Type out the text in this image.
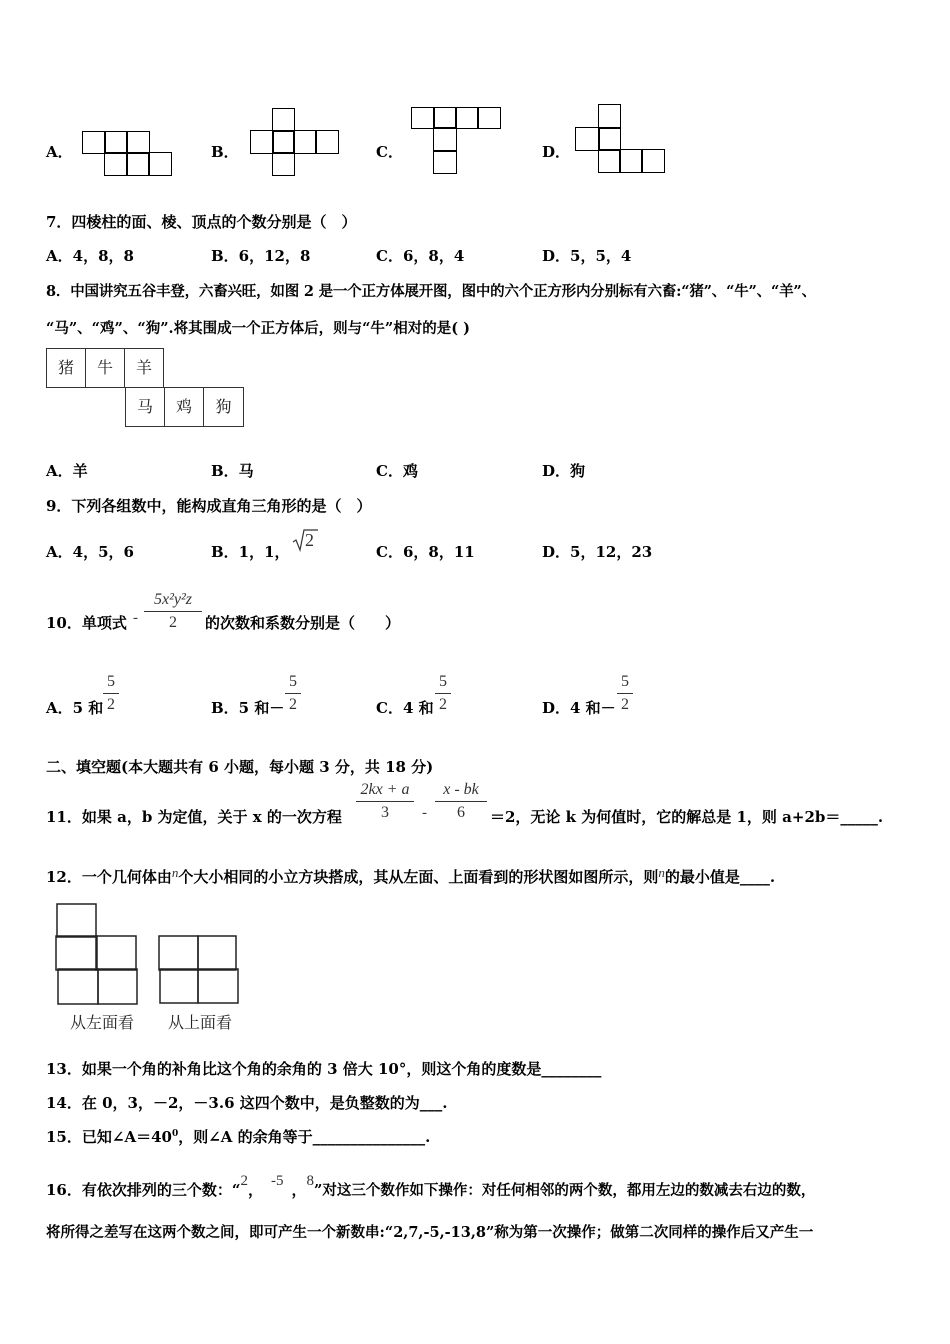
A．	B．	C．	D．
7．四棱柱的面、棱、顶点的个数分别是（　）
A．4，8，8	B．6，12，8	C．6，8，4	D．5，5，4
8．中国讲究五谷丰登，六畜兴旺，如图 2 是一个正方体展开图，图中的六个正方形内分别标有六畜:“猪”、“牛”、“羊”、
“马”、“鸡”、“狗”.将其围成一个正方体后，则与“牛”相对的是( )
猪	牛	羊
马	鸡	狗
A．羊	B．马	C．鸡	D．狗
9．下列各组数中，能构成直角三角形的是（　）
A．4，5，6	B．1，1，
2
C．6，8，11	D．5，12，23
10．单项式 -
5x²y²z
2	的次数和系数分别是（　　）
A．5 和
5
2	B．5 和－
5
2	C．4 和
5
2	D．4 和－
5
2
二、填空题(本大题共有 6 小题，每小题 3 分，共 18 分)
11．如果 a，b 为定值，关于 x 的一次方程
2kx + a
3	-
x - bk
6	＝2，无论 k 为何值时，它的解总是 1，则 a+2b＝_____.
12．一个几何体由n个大小相同的小立方块搭成，其从左面、上面看到的形状图如图所示，则n的最小值是____.
从左面看 从上面看
13．如果一个角的补角比这个角的余角的 3 倍大 10°，则这个角的度数是________
14．在 0，3，－2，－3.6 这四个数中，是负整数的为___.
15．已知$\angle A=40^0$，则∠A 的余角等于_______________.
16．有依次排列的三个数：“2， -5 ，8”对这三个数作如下操作：对任何相邻的两个数，都用左边的数减去右边的数，
将所得之差写在这两个数之间，即可产生一个新数串:“2,7,-5,-13,8”称为第一次操作；做第二次同样的操作后又产生一
